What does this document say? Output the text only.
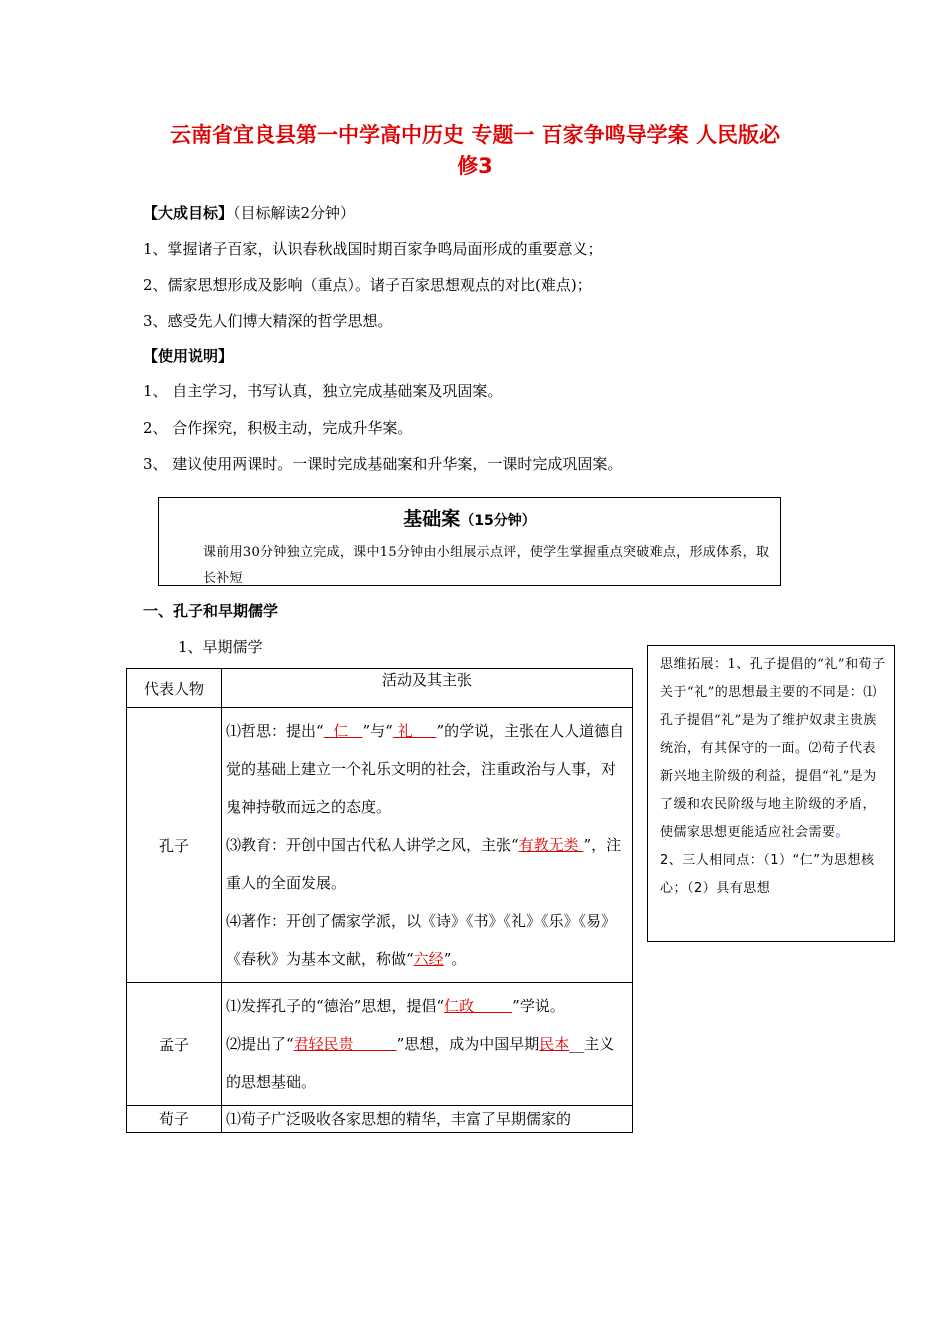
云南省宜良县第一中学高中历史 专题一 百家争鸣导学案 人民版必
修3
【大成目标】（目标解读2分钟）
1、掌握诸子百家，认识春秋战国时期百家争鸣局面形成的重要意义；
2、儒家思想形成及影响（重点）。诸子百家思想观点的对比(难点)；
3、感受先人们博大精深的哲学思想。
【使用说明】
1、 自主学习，书写认真，独立完成基础案及巩固案。
2、 合作探究，积极主动，完成升华案。
3、 建议使用两课时。一课时完成基础案和升华案，一课时完成巩固案。
基础案（15分钟）
课前用30分钟独立完成，课中15分钟由小组展示点评，使学生掌握重点突破难点，形成体系，取长补短
一、孔子和早期儒学
1、早期儒学
代表人物	活动及其主张
孔子	⑴哲思：提出“  仁   ”与“ 礼     ”的学说，主张在人人道德自觉的基础上建立一个礼乐文明的社会，注重政治与人事，对鬼神持敬而远之的态度。
⑶教育：开创中国古代私人讲学之风，主张“有教无类 ”，注重人的全面发展。
⑷著作：开创了儒家学派，以《诗》《书》《礼》《乐》《易》《春秋》为基本文献，称做“六经”。

孟子	⑴发挥孔子的“德治”思想，提倡“仁政        ”学说。
⑵提出了“君轻民贵         ”思想，成为中国早期民本__主义的思想基础。

荀子	⑴荀子广泛吸收各家思想的精华，丰富了早期儒家的
思维拓展：1、孔子提倡的“礼”和荀子关于“礼”的思想最主要的不同是：⑴孔子提倡“礼”是为了维护奴隶主贵族统治，有其保守的一面。⑵荀子代表新兴地主阶级的利益，提倡“礼”是为了缓和农民阶级与地主阶级的矛盾，使儒家思想更能适应社会需要。
2、三人相同点：（1）“仁”为思想核心；（2）具有思想
